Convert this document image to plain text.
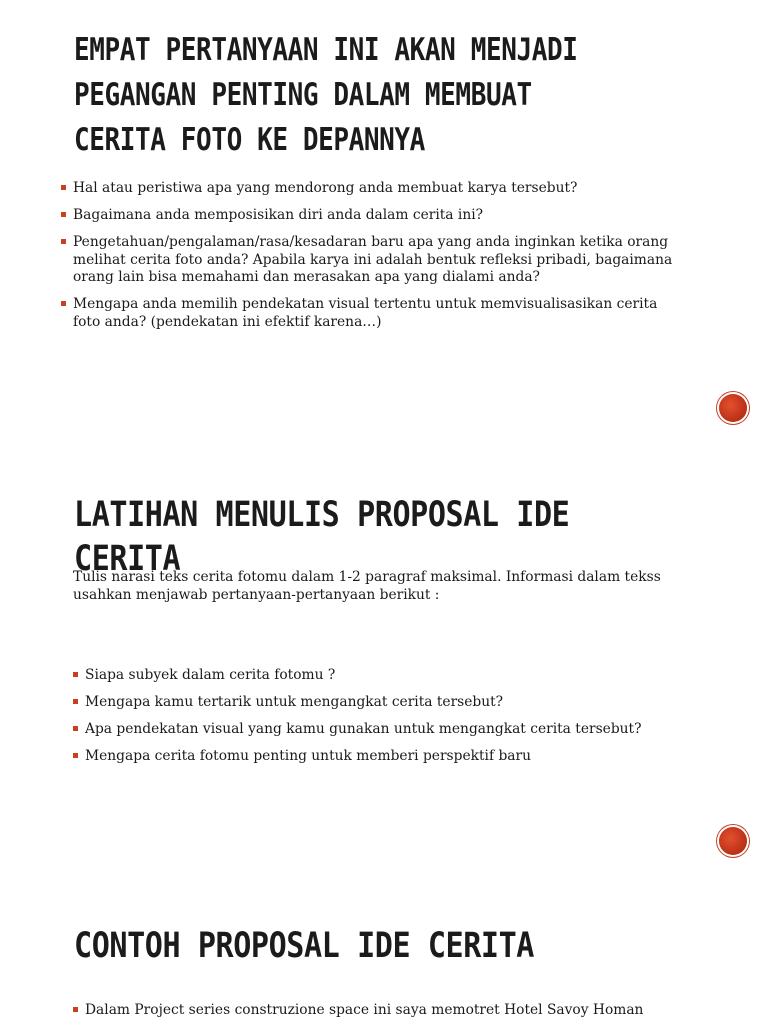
EMPAT PERTANYAAN INI AKAN MENJADI
PEGANGAN PENTING DALAM MEMBUAT
CERITA FOTO KE DEPANNYA
Hal atau peristiwa apa yang mendorong anda membuat karya tersebut?
Bagaimana anda memposisikan diri anda dalam cerita ini?
Pengetahuan/pengalaman/rasa/kesadaran baru apa yang anda inginkan ketika orang melihat cerita foto anda? Apabila karya ini adalah bentuk refleksi pribadi, bagaimana orang lain bisa memahami dan merasakan apa yang dialami anda?
Mengapa anda memilih pendekatan visual tertentu untuk memvisualisasikan cerita foto anda? (pendekatan ini efektif karena…)
LATIHAN MENULIS PROPOSAL IDE CERITA

Tulis narasi teks cerita fotomu dalam 1-2 paragraf maksimal. Informasi dalam tekss usahkan menjawab pertanyaan-pertanyaan berikut :

Siapa subyek dalam cerita fotomu ?
Mengapa kamu tertarik untuk mengangkat cerita tersebut?
Apa pendekatan visual yang kamu gunakan untuk mengangkat cerita tersebut?
Mengapa cerita fotomu penting untuk memberi perspektif baru
CONTOH PROPOSAL IDE CERITA
Dalam Project series construzione space ini saya memotret Hotel Savoy Homan
